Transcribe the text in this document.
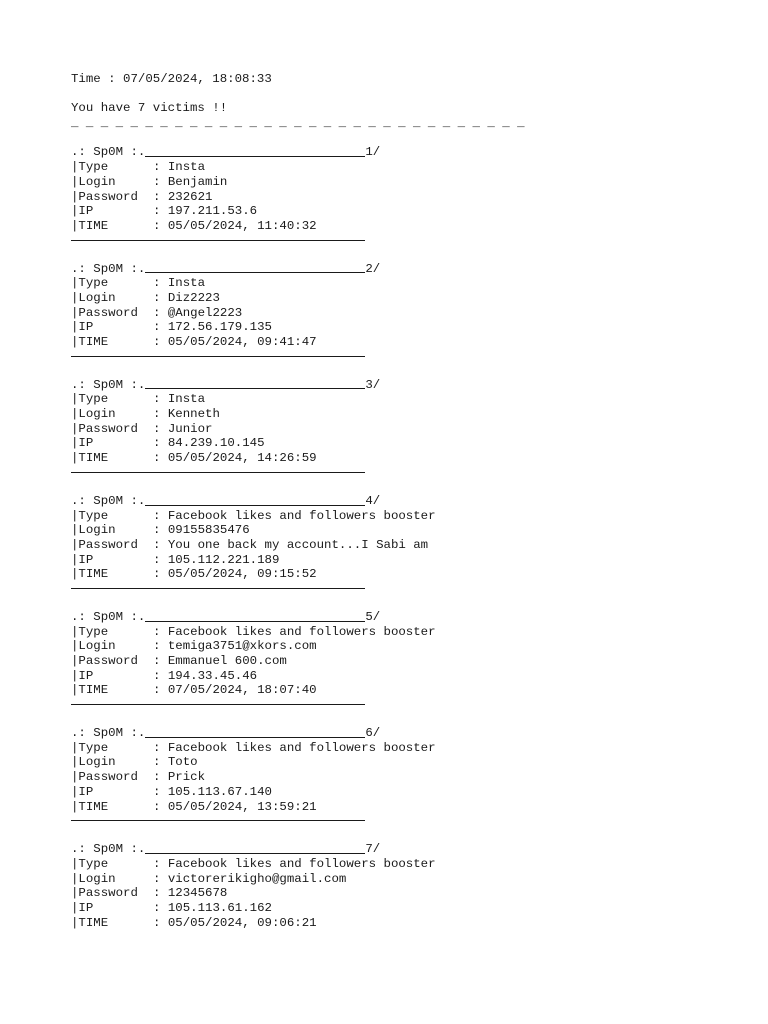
Time : 07/05/2024, 18:08:33
You have 7 victims !!
_ _ _ _ _ _ _ _ _ _ _ _ _ _ _ _ _ _ _ _ _ _ _ _ _ _ _ _ _ _ _
.: Sp0M :.	1/
|Type	: Insta
|Login	: Benjamin
|Password : 232621
|IP	: 197.211.53.6
|TIME	: 05/05/2024, 11:40:32
.: Sp0M :.	2/
|Type	: Insta
|Login	: Diz2223
|Password : @Angel2223
|IP	: 172.56.179.135
|TIME	: 05/05/2024, 09:41:47
.: Sp0M :.	3/
|Type	: Insta
|Login	: Kenneth
|Password : Junior
|IP	: 84.239.10.145
|TIME	: 05/05/2024, 14:26:59
.: Sp0M :.	4/
|Type	: Facebook likes and followers booster
|Login	: 09155835476
|Password : You one back my account...I Sabi am
|IP	: 105.112.221.189
|TIME	: 05/05/2024, 09:15:52
.: Sp0M :.	5/
|Type	: Facebook likes and followers booster
|Login	: temiga3751@xkors.com
|Password : Emmanuel 600.com
|IP	: 194.33.45.46
|TIME	: 07/05/2024, 18:07:40
.: Sp0M :.	6/
|Type	: Facebook likes and followers booster
|Login	: Toto
|Password : Prick
|IP	: 105.113.67.140
|TIME	: 05/05/2024, 13:59:21
.: Sp0M :.	7/
|Type	: Facebook likes and followers booster
|Login	: victorerikigho@gmail.com
|Password : 12345678
|IP	: 105.113.61.162
|TIME	: 05/05/2024, 09:06:21
